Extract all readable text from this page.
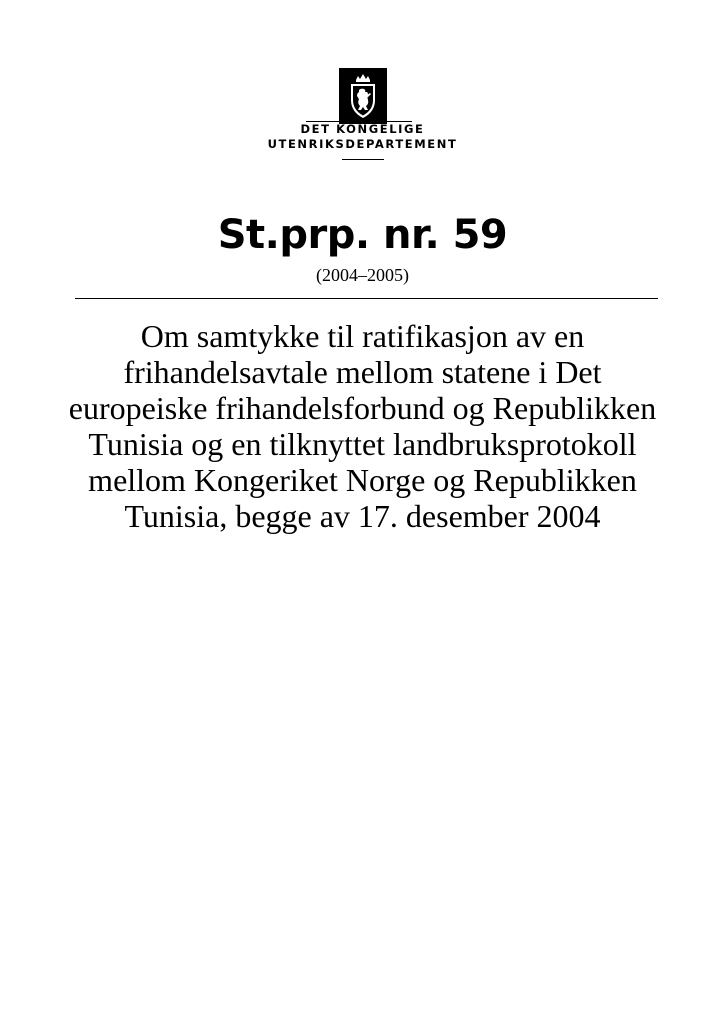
DET KONGELIGE
UTENRIKSDEPARTEMENT
St.prp. nr. 59
(2004–2005)
Om samtykke til ratifikasjon av en frihandelsavtale mellom statene i Det europeiske frihandelsforbund og Republikken Tunisia og en tilknyttet landbruksprotokoll mellom Kongeriket Norge og Republikken Tunisia, begge av 17. desember 2004
